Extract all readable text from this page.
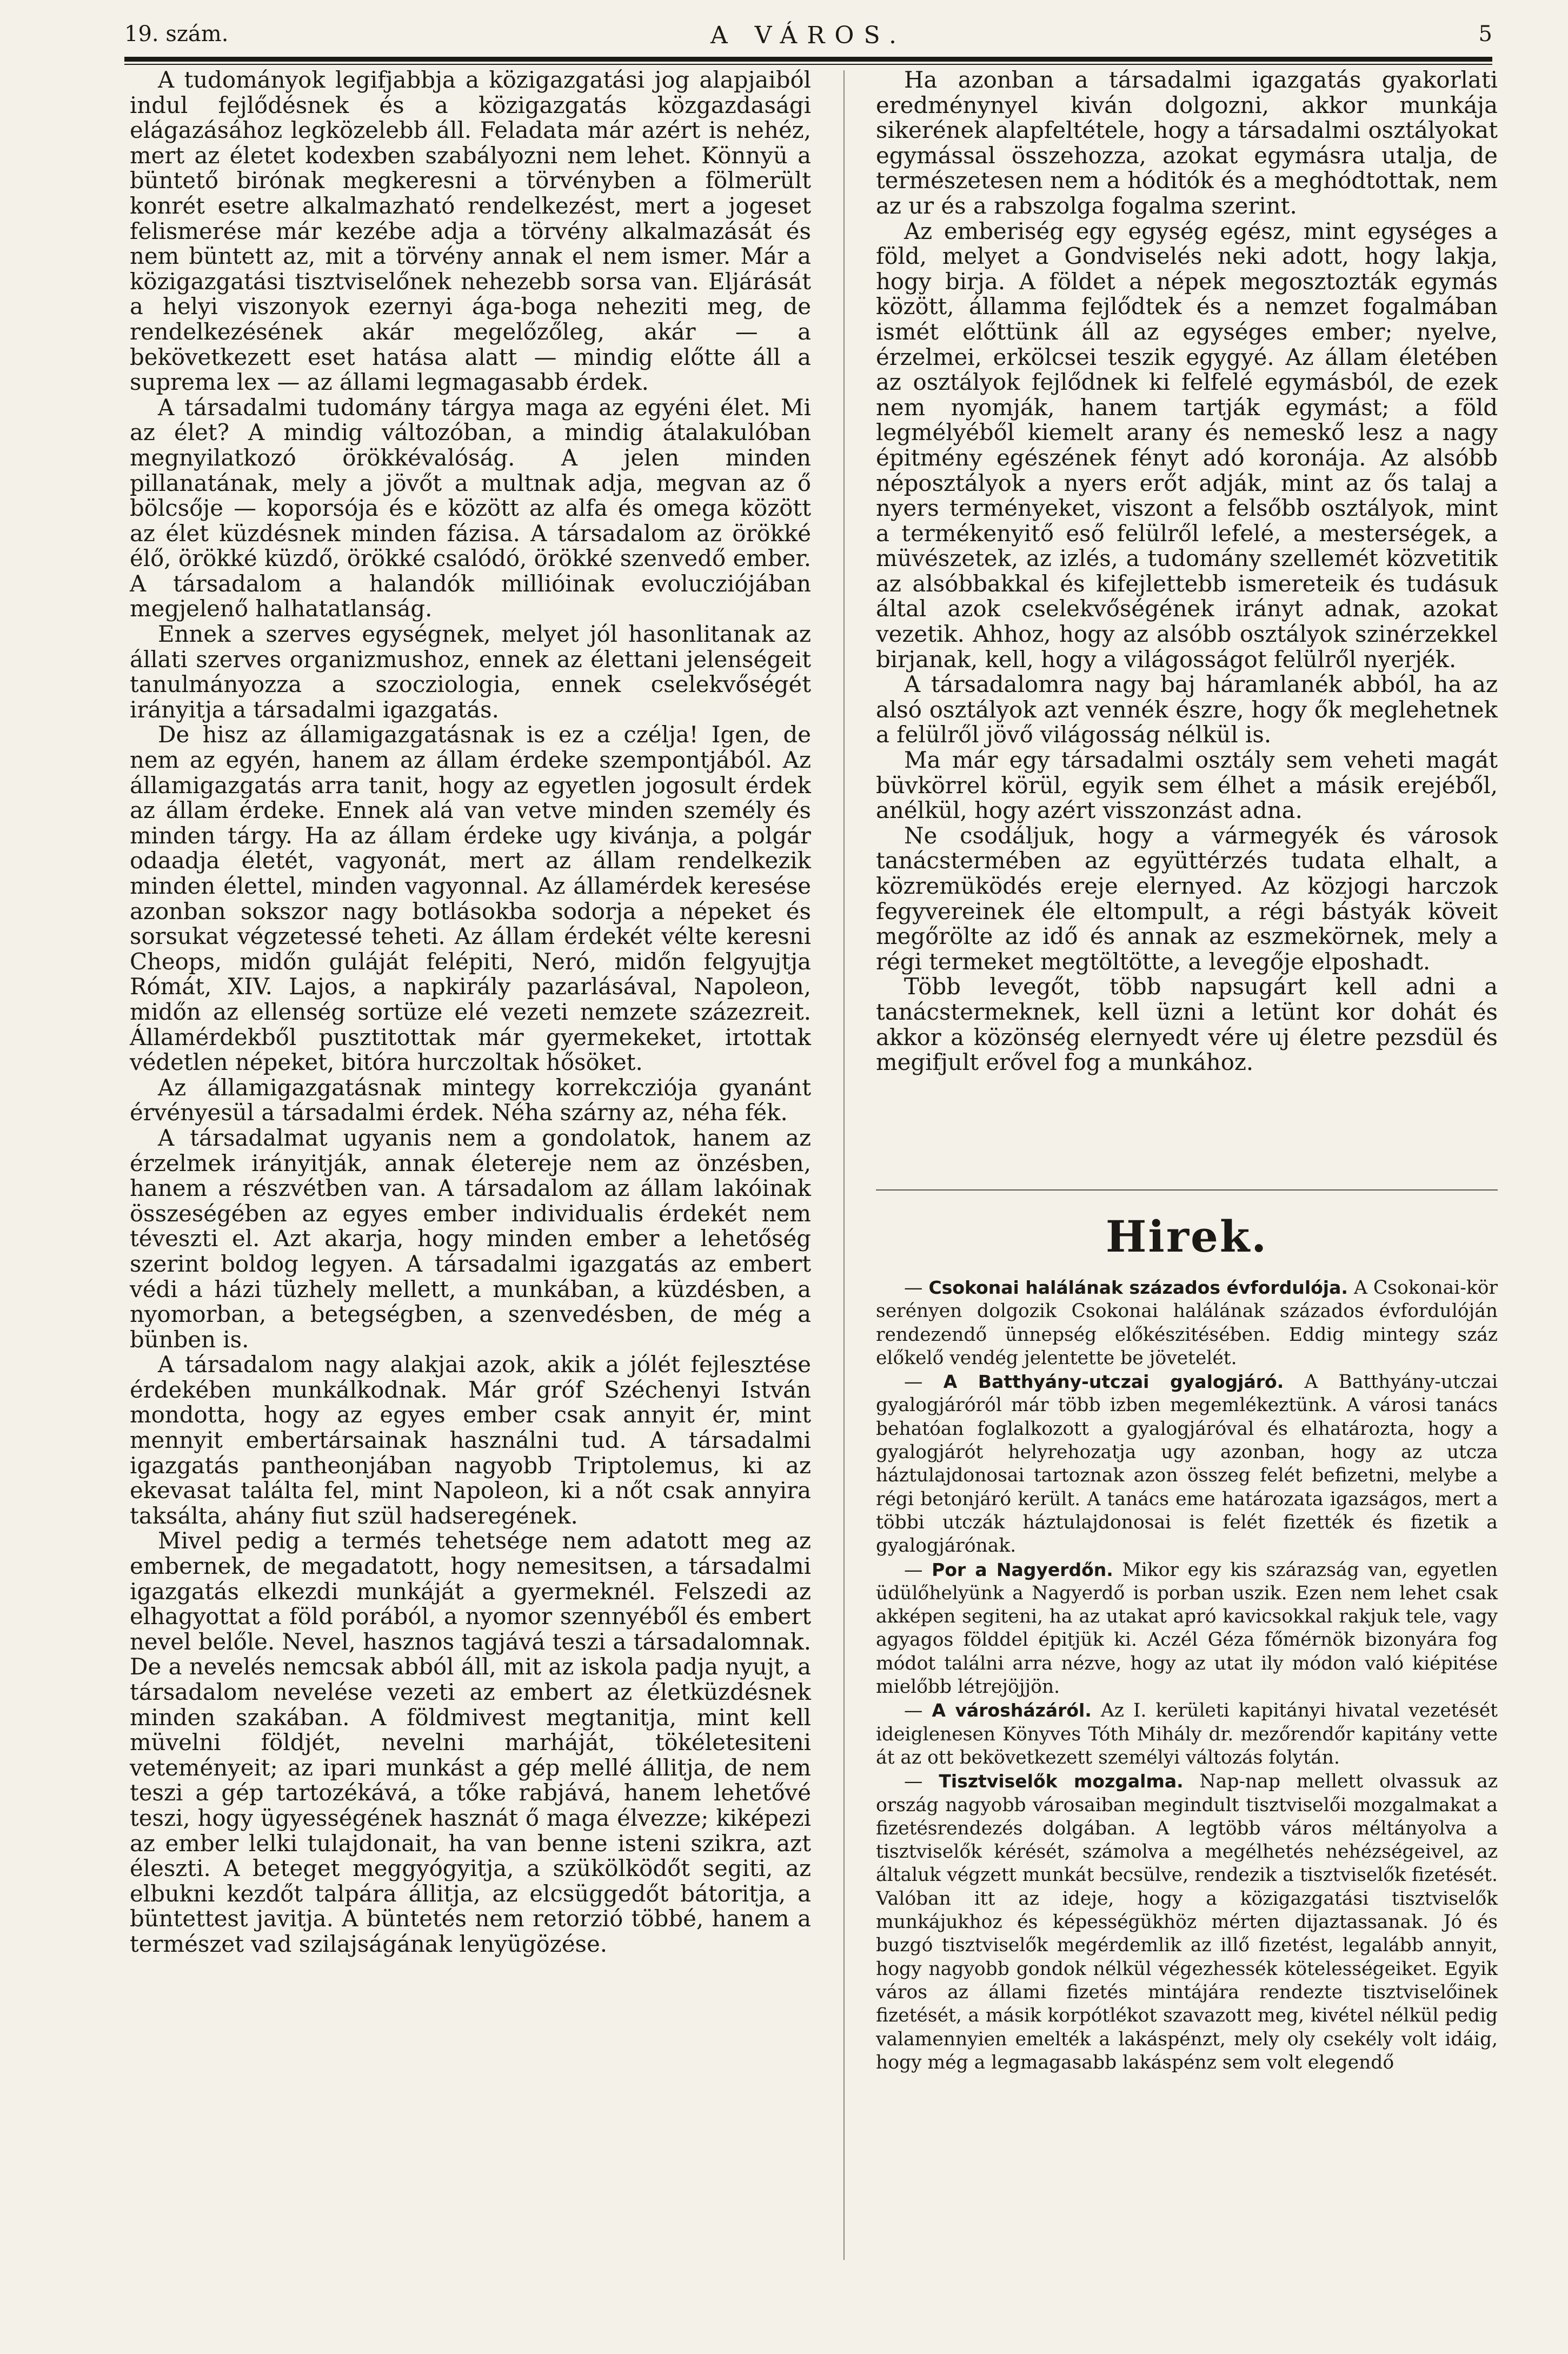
19. szám.	A VÁROS.	5

A tudományok legifjabbja a közigazgatási jog alapjaiból indul fejlődésnek és a közigazgatás közgazdasági elágazásához legközelebb áll. Feladata már azért is nehéz, mert az életet kodexben szabályozni nem lehet. Könnyü a büntető birónak megkeresni a törvényben a fölmerült konrét esetre alkalmazható rendelkezést, mert a jogeset felismerése már kezébe adja a törvény alkalmazását és nem büntett az, mit a törvény annak el nem ismer. Már a közigazgatási tisztviselőnek nehezebb sorsa van. Eljárását a helyi viszonyok ezernyi ága-boga neheziti meg, de rendelkezésének akár megelőzőleg, akár — a bekövetkezett eset hatása alatt — mindig előtte áll a suprema lex — az állami legmagasabb érdek.

A társadalmi tudomány tárgya maga az egyéni élet. Mi az élet? A mindig változóban, a mindig átalakulóban megnyilatkozó örökkévalóság. A jelen minden pillanatának, mely a jövőt a multnak adja, megvan az ő bölcsője — koporsója és e között az alfa és omega között az élet küzdésnek minden fázisa. A társadalom az örökké élő, örökké küzdő, örökké csalódó, örökké szenvedő ember. A társadalom a halandók millióinak evolucziójában megjelenő halhatatlanság.

Ennek a szerves egységnek, melyet jól hasonlitanak az állati szerves organizmushoz, ennek az élettani jelenségeit tanulmányozza a szocziologia, ennek cselekvőségét irányitja a társadalmi igazgatás.

De hisz az államigazgatásnak is ez a czélja! Igen, de nem az egyén, hanem az állam érdeke szempontjából. Az államigazgatás arra tanit, hogy az egyetlen jogosult érdek az állam érdeke. Ennek alá van vetve minden személy és minden tárgy. Ha az állam érdeke ugy kivánja, a polgár odaadja életét, vagyonát, mert az állam rendelkezik minden élettel, minden vagyonnal. Az államérdek keresése azonban sokszor nagy botlásokba sodorja a népeket és sorsukat végzetessé teheti. Az állam érdekét vélte keresni Cheops, midőn guláját felépiti, Neró, midőn felgyujtja Rómát, XIV. Lajos, a napkirály pazarlásával, Napoleon, midőn az ellenség sortüze elé vezeti nemzete százezreit. Államérdekből pusztitottak már gyermekeket, irtottak védetlen népeket, bitóra hurczoltak hősöket.

Az államigazgatásnak mintegy korrekcziója gyanánt érvényesül a társadalmi érdek. Néha szárny az, néha fék.

A társadalmat ugyanis nem a gondolatok, hanem az érzelmek irányitják, annak életereje nem az önzésben, hanem a részvétben van. A társadalom az állam lakóinak összeségében az egyes ember individualis érdekét nem téveszti el. Azt akarja, hogy minden ember a lehetőség szerint boldog legyen. A társadalmi igazgatás az embert védi a házi tüzhely mellett, a munkában, a küzdésben, a nyomorban, a betegségben, a szenvedésben, de még a bünben is.

A társadalom nagy alakjai azok, akik a jólét fejlesztése érdekében munkálkodnak. Már gróf Széchenyi István mondotta, hogy az egyes ember csak annyit ér, mint mennyit embertársainak használni tud. A társadalmi igazgatás pantheonjában nagyobb Triptolemus, ki az ekevasat találta fel, mint Napoleon, ki a nőt csak annyira taksálta, ahány fiut szül hadseregének.

Mivel pedig a termés tehetsége nem adatott meg az embernek, de megadatott, hogy nemesitsen, a társadalmi igazgatás elkezdi munkáját a gyermeknél. Felszedi az elhagyottat a föld porából, a nyomor szennyéből és embert nevel belőle. Nevel, hasznos tagjává teszi a társadalomnak. De a nevelés nemcsak abból áll, mit az iskola padja nyujt, a társadalom nevelése vezeti az embert az életküzdésnek minden szakában. A földmivest megtanitja, mint kell müvelni földjét, nevelni marháját, tökéletesiteni veteményeit; az ipari munkást a gép mellé állitja, de nem teszi a gép tartozékává, a tőke rabjává, hanem lehetővé teszi, hogy ügyességének hasznát ő maga élvezze; kiképezi az ember lelki tulajdonait, ha van benne isteni szikra, azt éleszti. A beteget meggyógyitja, a szükölködőt segiti, az elbukni kezdőt talpára állitja, az elcsüggedőt bátoritja, a büntettest javitja. A büntetés nem retorzió többé, hanem a természet vad szilajságának lenyügözése.

Ha azonban a társadalmi igazgatás gyakorlati eredménynyel kiván dolgozni, akkor munkája sikerének alapfeltétele, hogy a társadalmi osztályokat egymással összehozza, azokat egymásra utalja, de természetesen nem a hóditók és a meghódtottak, nem az ur és a rabszolga fogalma szerint.

Az emberiség egy egység egész, mint egységes a föld, melyet a Gondviselés neki adott, hogy lakja, hogy birja. A földet a népek megosztozták egymás között, államma fejlődtek és a nemzet fogalmában ismét előttünk áll az egységes ember; nyelve, érzelmei, erkölcsei teszik egygyé. Az állam életében az osztályok fejlődnek ki felfelé egymásból, de ezek nem nyomják, hanem tartják egymást; a föld legmélyéből kiemelt arany és nemeskő lesz a nagy épitmény egészének fényt adó koronája. Az alsóbb néposztályok a nyers erőt adják, mint az ős talaj a nyers terményeket, viszont a felsőbb osztályok, mint a termékenyitő eső felülről lefelé, a mesterségek, a müvészetek, az izlés, a tudomány szellemét közvetitik az alsóbbakkal és kifejlettebb ismereteik és tudásuk által azok cselekvőségének irányt adnak, azokat vezetik. Ahhoz, hogy az alsóbb osztályok szinérzekkel birjanak, kell, hogy a világosságot felülről nyerjék.

A társadalomra nagy baj háramlanék abból, ha az alsó osztályok azt vennék észre, hogy ők meglehetnek a felülről jövő világosság nélkül is.

Ma már egy társadalmi osztály sem veheti magát büvkörrel körül, egyik sem élhet a másik erejéből, anélkül, hogy azért visszonzást adna.

Ne csodáljuk, hogy a vármegyék és városok tanácstermében az együttérzés tudata elhalt, a közremüködés ereje elernyed. Az közjogi harczok fegyvereinek éle eltompult, a régi bástyák köveit megőrölte az idő és annak az eszmekörnek, mely a régi termeket megtöltötte, a levegője elposhadt.

Több levegőt, több napsugárt kell adni a tanácstermeknek, kell üzni a letünt kor dohát és akkor a közönség elernyedt vére uj életre pezsdül és megifjult erővel fog a munkához.

Hirek.

— Csokonai halálának százados évfordulója. A Csokonai-kör serényen dolgozik Csokonai halálának százados évfordulóján rendezendő ünnepség előkészitésében. Eddig mintegy száz előkelő vendég jelentette be jövetelét.

— A Batthyány-utczai gyalogjáró. A Batthyány-utczai gyalogjáróról már több izben megemlékeztünk. A városi tanács behatóan foglalkozott a gyalogjáróval és elhatározta, hogy a gyalogjárót helyrehozatja ugy azonban, hogy az utcza háztulajdonosai tartoznak azon összeg felét befizetni, melybe a régi betonjáró került. A tanács eme határozata igazságos, mert a többi utczák háztulajdonosai is felét fizették és fizetik a gyalogjárónak.

— Por a Nagyerdőn. Mikor egy kis szárazság van, egyetlen üdülőhelyünk a Nagyerdő is porban uszik. Ezen nem lehet csak akképen segiteni, ha az utakat apró kavicsokkal rakjuk tele, vagy agyagos földdel épitjük ki. Aczél Géza főmérnök bizonyára fog módot találni arra nézve, hogy az utat ily módon való kiépitése mielőbb létrejöjjön.

— A városházáról. Az I. kerületi kapitányi hivatal vezetését ideiglenesen Könyves Tóth Mihály dr. mezőrendőr kapitány vette át az ott bekövetkezett személyi változás folytán.

— Tisztviselők mozgalma. Nap-nap mellett olvassuk az ország nagyobb városaiban megindult tisztviselői mozgalmakat a fizetésrendezés dolgában. A legtöbb város méltányolva a tisztviselők kérését, számolva a megélhetés nehézségeivel, az általuk végzett munkát becsülve, rendezik a tisztviselők fizetését. Valóban itt az ideje, hogy a közigazgatási tisztviselők munkájukhoz és képességükhöz mérten dijaztassanak. Jó és buzgó tisztviselők megérdemlik az illő fizetést, legalább annyit, hogy nagyobb gondok nélkül végezhessék kötelességeiket. Egyik város az állami fizetés mintájára rendezte tisztviselőinek fizetését, a másik korpótlékot szavazott meg, kivétel nélkül pedig valamennyien emelték a lakáspénzt, mely oly csekély volt idáig, hogy még a legmagasabb lakáspénz sem volt elegendő
